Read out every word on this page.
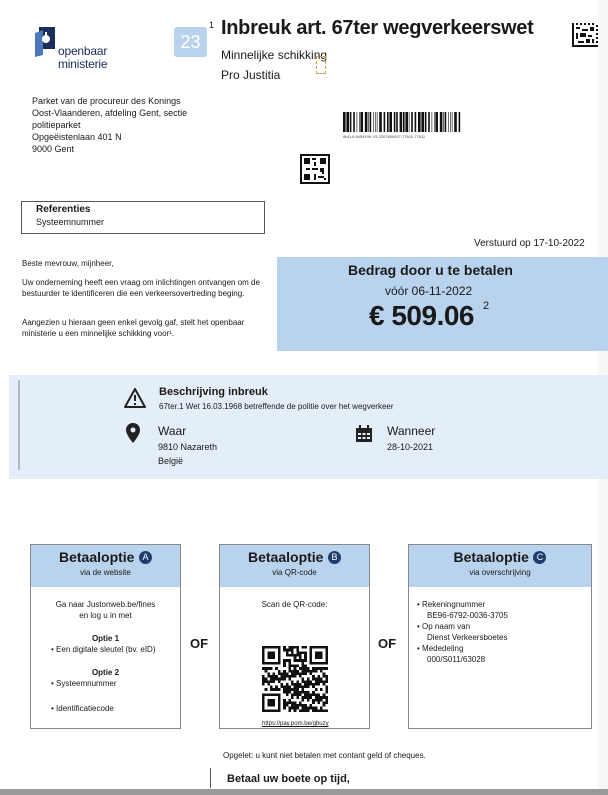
openbaar
ministerie
23
1 Inbreuk art. 67ter wegverkeerswet
Minnelijke schikking
Pro Justitia
0b1L9-8459199-V3-2207600007-77611-77611
Parket van de procureur des Konings
Oost-Vlaanderen, afdeling Gent, sectie
politieparket
Opgeëistenlaan 401 N
9000 Gent
Referenties
Systeemnummer
Verstuurd op 17-10-2022
Beste mevrouw, mijnheer,
Uw onderneming heeft een vraag om inlichtingen ontvangen om de bestuurder te identificeren die een verkeersovertreding beging.
Aangezien u hieraan geen enkel gevolg gaf, stelt het openbaar ministerie u een minnelijke schikking voor¹.
Bedrag door u te betalen
vóór 06-11-2022
€ 509.06 2
Beschrijving inbreuk
67ter.1 Wet 16.03.1968 betreffende de politie over het wegverkeer
Waar
9810 Nazareth
België
Wanneer
28-10-2021
Betaaloptie A
via de website
Ga naar Justonweb.be/fines
en log u in met
Optie 1
• Een digitale sleutel (bv. eID)
Optie 2
• Systeemnummer
• Identificatiecode
OF
Betaaloptie B
via QR-code
Scan de QR-code:
https://pay.pom.be/gbuzy
OF
Betaaloptie C
via overschrijving
• Rekeningnummer
BE96-6792-0036-3705
• Op naam van
Dienst Verkeersboetes
• Mededeling
000/S011/63028
Opgelet: u kunt niet betalen met contant geld of cheques.
Betaal uw boete op tijd,
